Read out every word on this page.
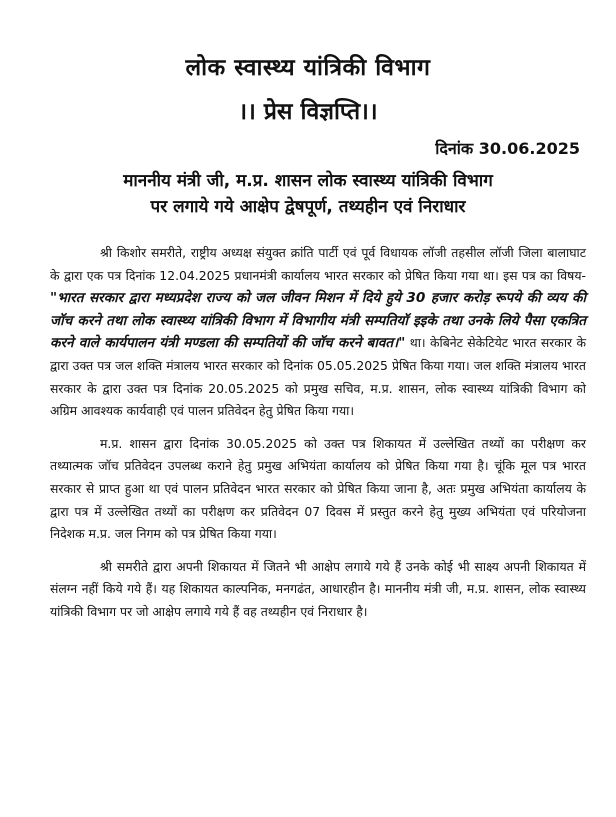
लोक स्वास्थ्य यांत्रिकी विभाग
।। प्रेस विज्ञप्ति।।
दिनांक 30.06.2025
माननीय मंत्री जी, म.प्र. शासन लोक स्वास्थ्य यांत्रिकी विभाग
पर लगाये गये आक्षेप द्वेषपूर्ण, तथ्यहीन एवं निराधार

श्री किशोर समरीते, राष्ट्रीय अध्यक्ष संयुक्त क्रांति पार्टी एवं पूर्व विधायक लॉजी तहसील लॉजी जिला बालाघाट के द्वारा एक पत्र दिनांक 12.04.2025 प्रधानमंत्री कार्यालय भारत सरकार को प्रेषित किया गया था। इस पत्र का विषय-"भारत सरकार द्वारा मध्यप्रदेश राज्य को जल जीवन मिशन में दिये हुये 30 हजार करोड़ रूपये की व्यय की जॉच करने तथा लोक स्वास्थ्य यांत्रिकी विभाग में विभागीय मंत्री सम्पतियॉ इइके तथा उनके लिये पैसा एकत्रित करने वाले कार्यपालन यंत्री मण्डला की सम्पतियों की जॉच करने बावत।" था। केबिनेट सेकेटियेट भारत सरकार के द्वारा उक्त पत्र जल शक्ति मंत्रालय भारत सरकार को दिनांक 05.05.2025 प्रेषित किया गया। जल शक्ति मंत्रालय भारत सरकार के द्वारा उक्त पत्र दिनांक 20.05.2025 को प्रमुख सचिव, म.प्र. शासन, लोक स्वास्थ्य यांत्रिकी विभाग को अग्रिम आवश्यक कार्यवाही एवं पालन प्रतिवेदन हेतु प्रेषित किया गया।

म.प्र. शासन द्वारा दिनांक 30.05.2025 को उक्त पत्र शिकायत में उल्लेखित तथ्यों का परीक्षण कर तथ्यात्मक जॉच प्रतिवेदन उपलब्ध कराने हेतु प्रमुख अभियंता कार्यालय को प्रेषित किया गया है। चूंकि मूल पत्र भारत सरकार से प्राप्त हुआ था एवं पालन प्रतिवेदन भारत सरकार को प्रेषित किया जाना है, अतः प्रमुख अभियंता कार्यालय के द्वारा पत्र में उल्लेखित तथ्यों का परीक्षण कर प्रतिवेदन 07 दिवस में प्रस्तुत करने हेतु मुख्य अभियंता एवं परियोजना निदेशक म.प्र. जल निगम को पत्र प्रेषित किया गया।

श्री समरीते द्वारा अपनी शिकायत में जितने भी आक्षेप लगाये गये हैं उनके कोई भी साक्ष्य अपनी शिकायत में संलग्न नहीं किये गये हैं। यह शिकायत काल्पनिक, मनगढंत, आधारहीन है। माननीय मंत्री जी, म.प्र. शासन, लोक स्वास्थ्य यांत्रिकी विभाग पर जो आक्षेप लगाये गये हैं वह तथ्यहीन एवं निराधार है।
